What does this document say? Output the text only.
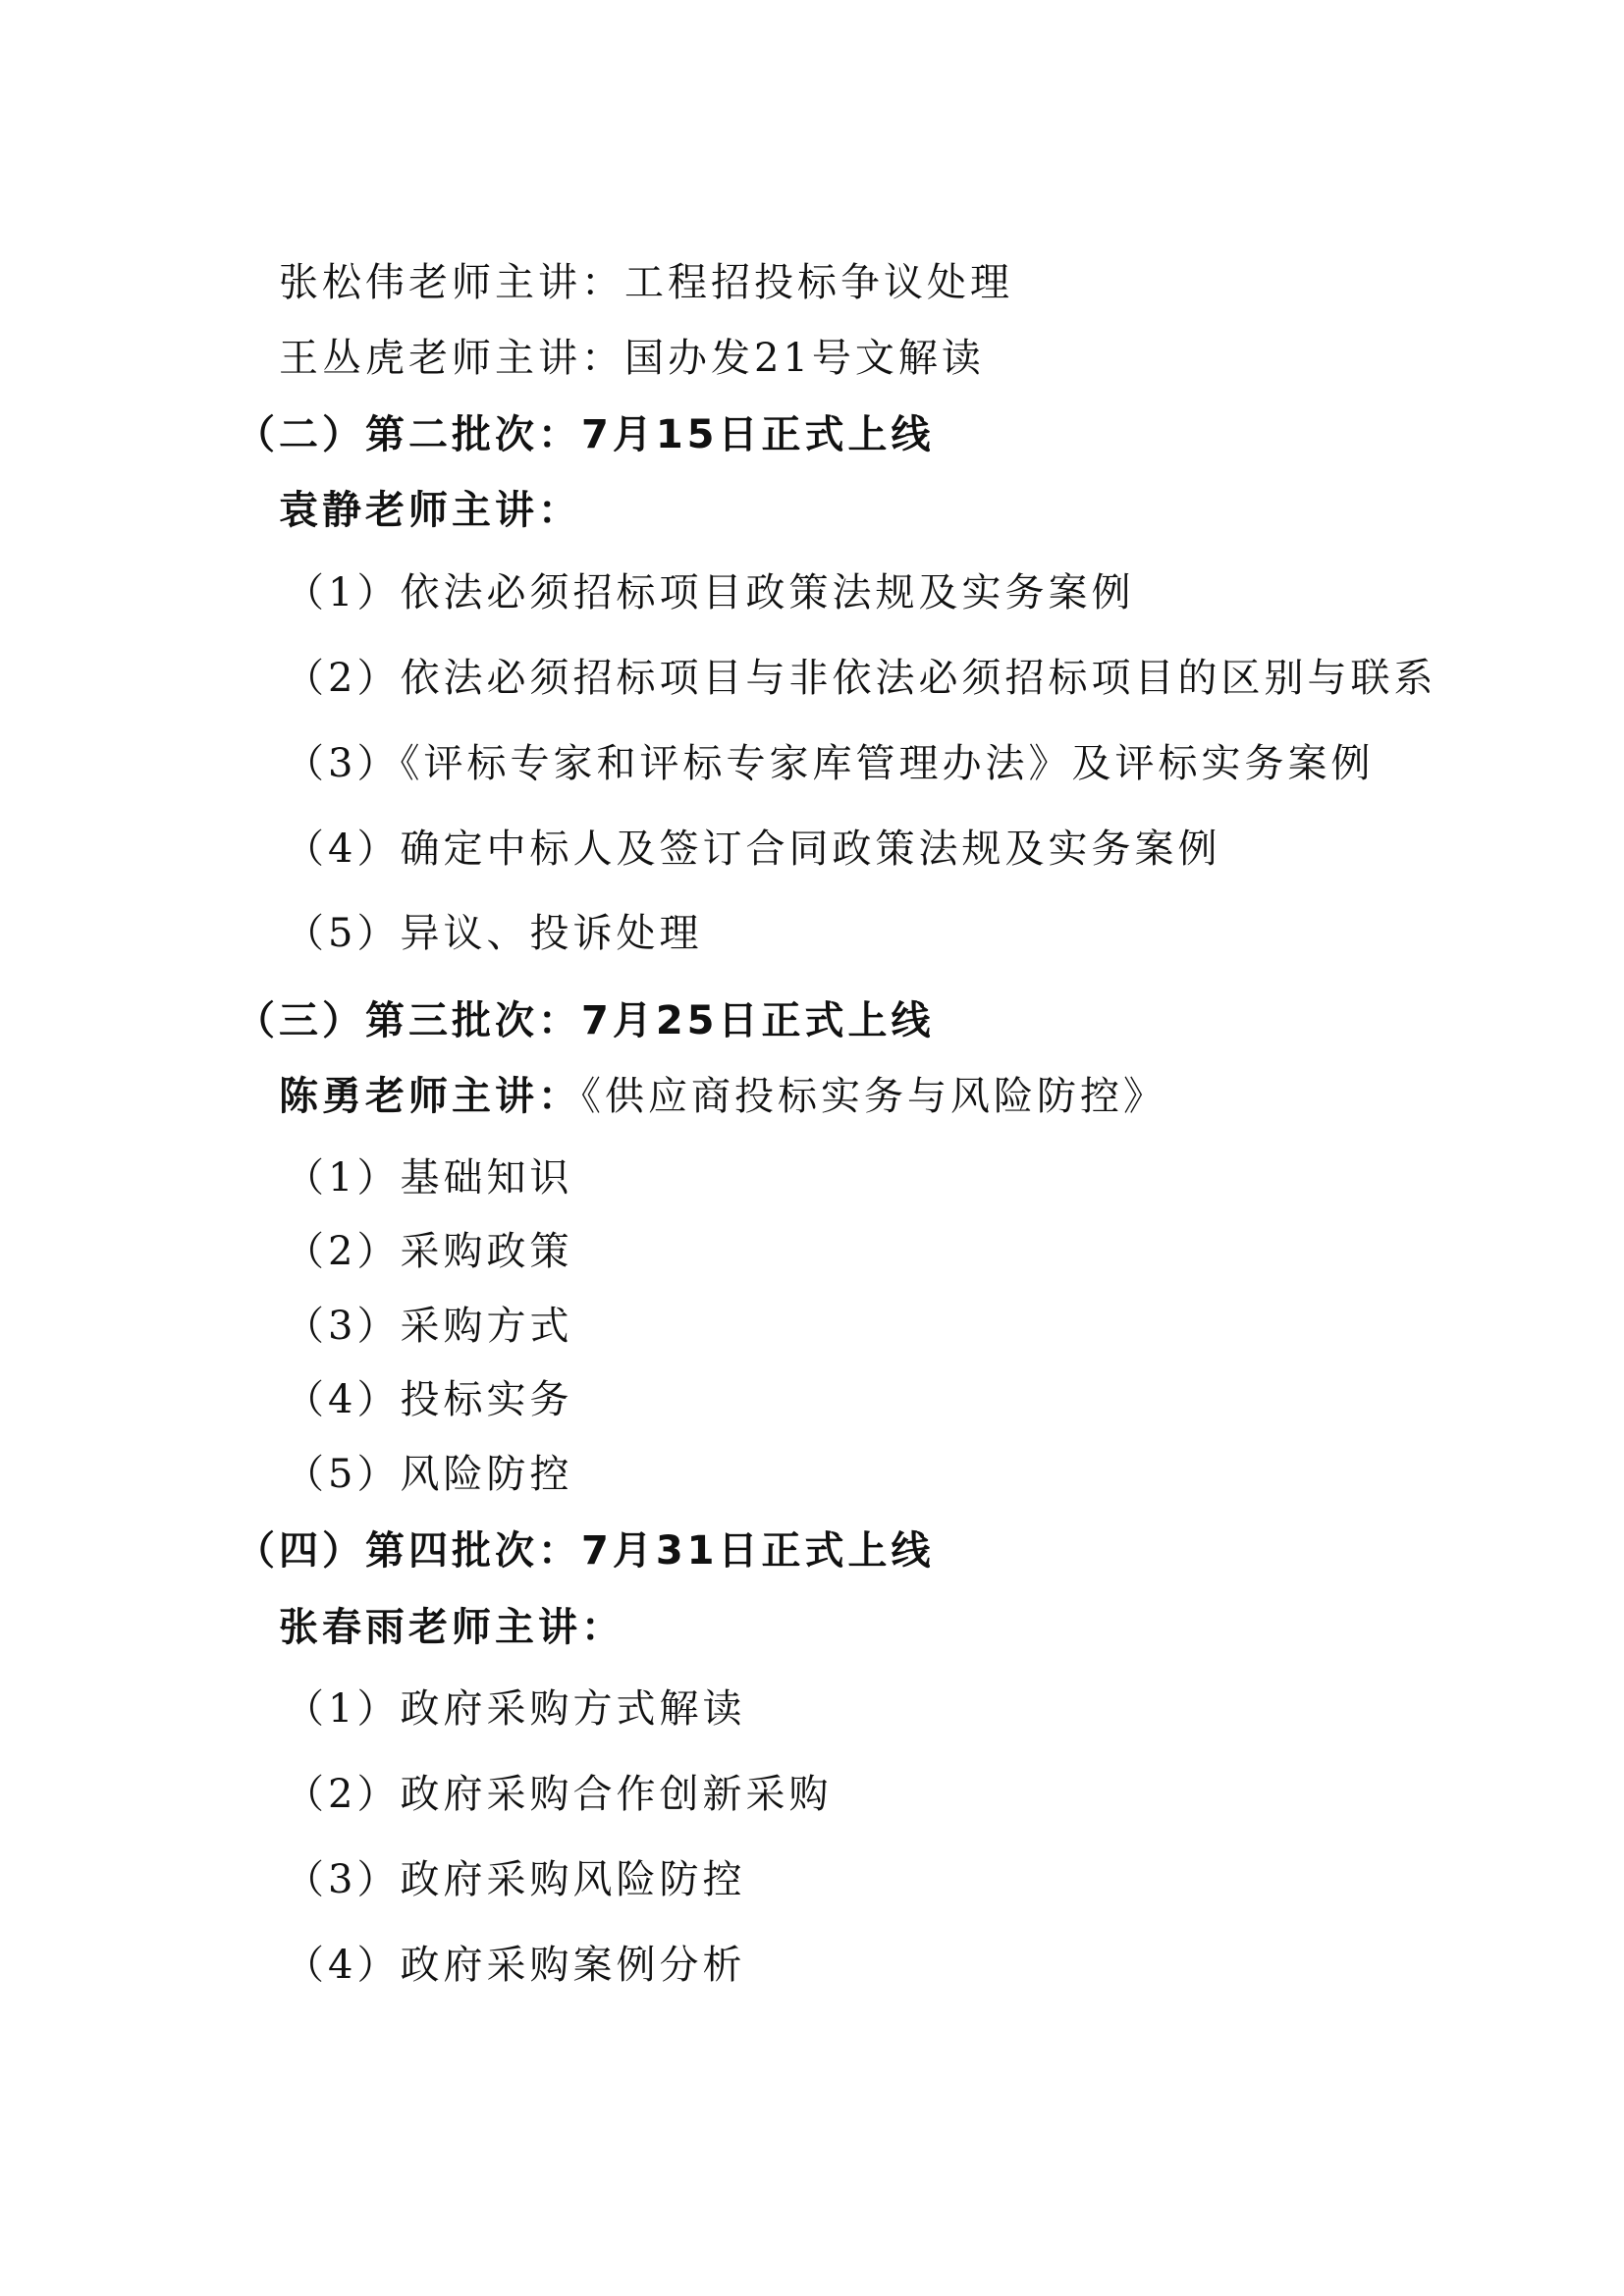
张松伟老师主讲：工程招投标争议处理
王丛虎老师主讲：国办发21号文解读
（二）第二批次：7月15日正式上线
袁静老师主讲：
（1）依法必须招标项目政策法规及实务案例
（2）依法必须招标项目与非依法必须招标项目的区别与联系
（3）《评标专家和评标专家库管理办法》及评标实务案例
（4）确定中标人及签订合同政策法规及实务案例
（5）异议、投诉处理
（三）第三批次：7月25日正式上线
陈勇老师主讲：《供应商投标实务与风险防控》
（1）基础知识
（2）采购政策
（3）采购方式
（4）投标实务
（5）风险防控
（四）第四批次：7月31日正式上线
张春雨老师主讲：
（1）政府采购方式解读
（2）政府采购合作创新采购
（3）政府采购风险防控
（4）政府采购案例分析
